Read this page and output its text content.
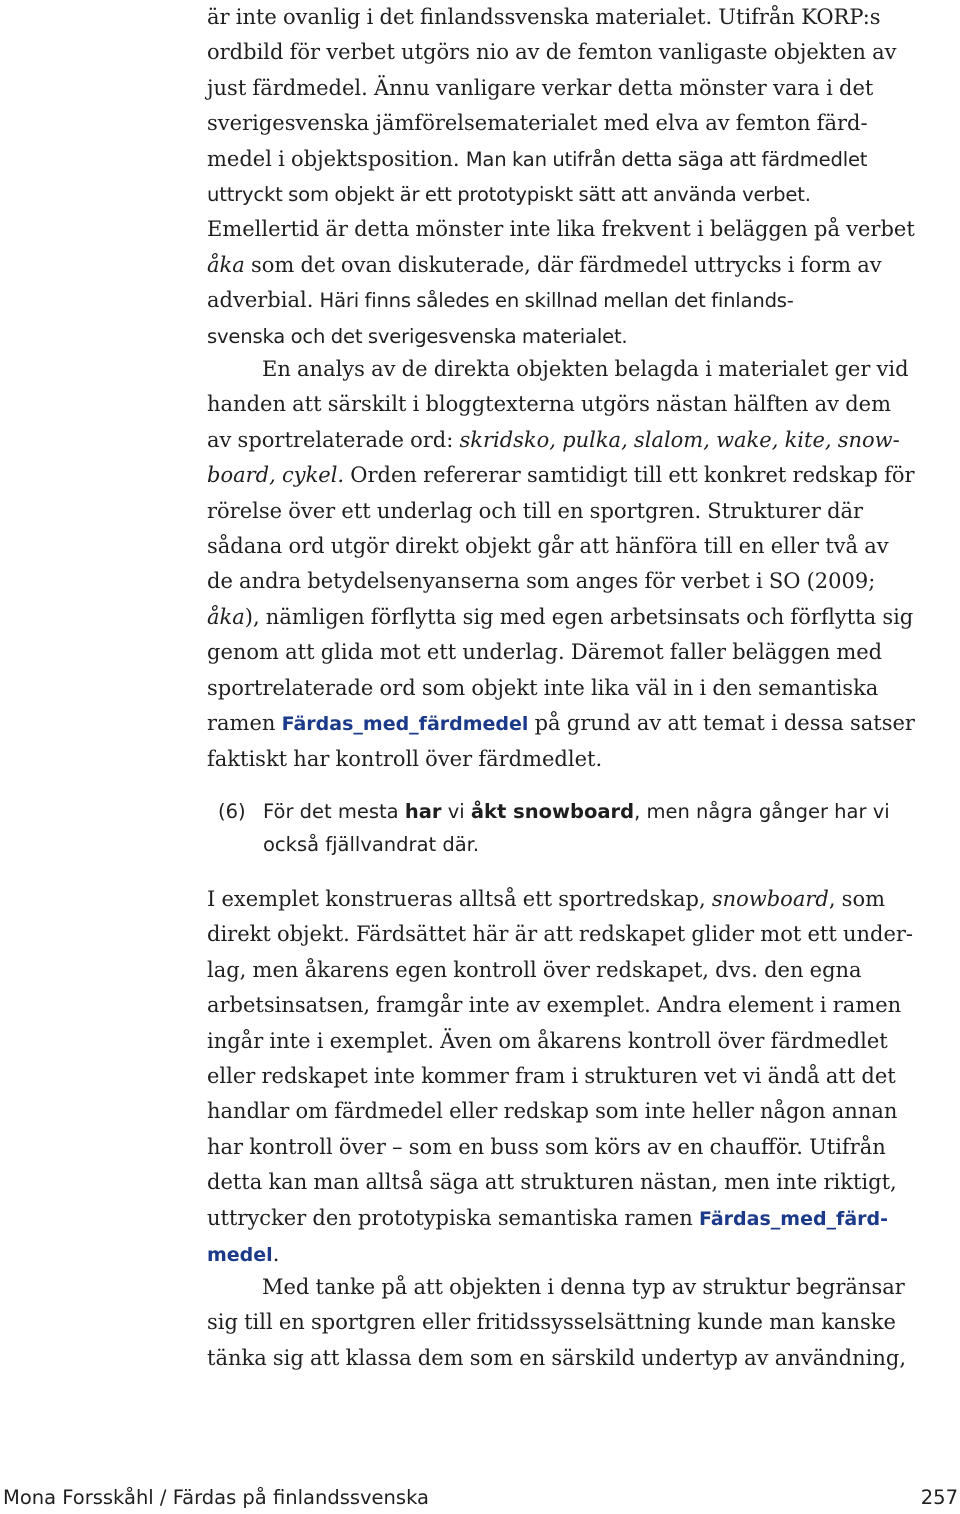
är inte ovanlig i det finlandssvenska materialet. Utifrån KORP:s
ordbild för verbet utgörs nio av de femton vanligaste objekten av
just färdmedel. Ännu vanligare verkar detta mönster vara i det
sverigesvenska jämförelsematerialet med elva av femton färd-
medel i objektsposition. Man kan utifrån detta säga att färdmedlet
uttryckt som objekt är ett prototypiskt sätt att använda verbet.
Emellertid är detta mönster inte lika frekvent i beläggen på verbet
åka som det ovan diskuterade, där färdmedel uttrycks i form av
adverbial. Häri finns således en skillnad mellan det finlands-
svenska och det sverigesvenska materialet.
En analys av de direkta objekten belagda i materialet ger vid
handen att särskilt i bloggtexterna utgörs nästan hälften av dem
av sportrelaterade ord: skridsko, pulka, slalom, wake, kite, snow-
board, cykel. Orden refererar samtidigt till ett konkret redskap för
rörelse över ett underlag och till en sportgren. Strukturer där
sådana ord utgör direkt objekt går att hänföra till en eller två av
de andra betydelsenyanserna som anges för verbet i SO (2009;
åka), nämligen förflytta sig med egen arbetsinsats och förflytta sig
genom att glida mot ett underlag. Däremot faller beläggen med
sportrelaterade ord som objekt inte lika väl in i den semantiska
ramen Färdas_med_färdmedel på grund av att temat i dessa satser
faktiskt har kontroll över färdmedlet.
(6) För det mesta har vi åkt snowboard, men några gånger har vi
också fjällvandrat där.
I exemplet konstrueras alltså ett sportredskap, snowboard, som
direkt objekt. Färdsättet här är att redskapet glider mot ett under-
lag, men åkarens egen kontroll över redskapet, dvs. den egna
arbetsinsatsen, framgår inte av exemplet. Andra element i ramen
ingår inte i exemplet. Även om åkarens kontroll över färdmedlet
eller redskapet inte kommer fram i strukturen vet vi ändå att det
handlar om färdmedel eller redskap som inte heller någon annan
har kontroll över – som en buss som körs av en chaufför. Utifrån
detta kan man alltså säga att strukturen nästan, men inte riktigt,
uttrycker den prototypiska semantiska ramen Färdas_med_färd-
medel.
Med tanke på att objekten i denna typ av struktur begränsar
sig till en sportgren eller fritidssysselsättning kunde man kanske
tänka sig att klassa dem som en särskild undertyp av användning,
Mona Forsskåhl / Färdas på finlandssvenska	257
